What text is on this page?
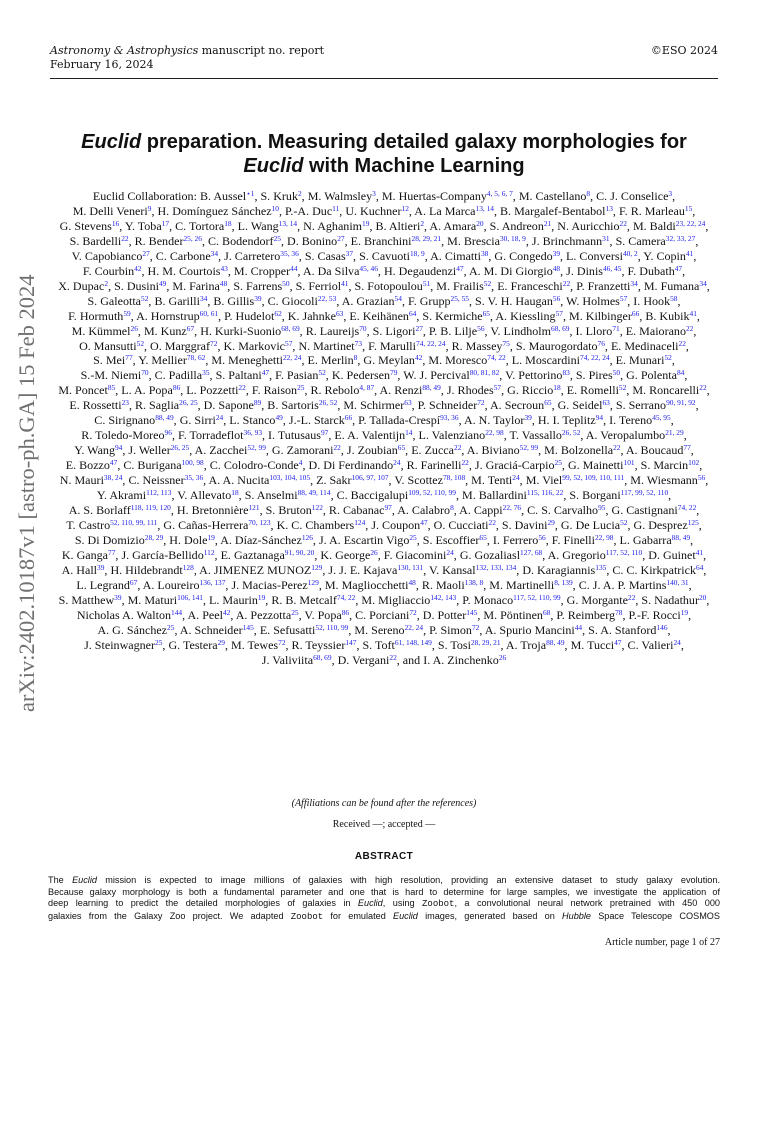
Astronomy & Astrophysics manuscript no. report	©ESO 2024
February 16, 2024
arXiv:2402.10187v1 [astro-ph.GA] 15 Feb 2024
Euclid preparation. Measuring detailed galaxy morphologies for
Euclid with Machine Learning
Euclid Collaboration: B. Aussel$^{⋆1}$, S. Kruk$^2$, M. Walmsley$^3$, M. Huertas-Company$^{4, 5, 6, 7}$, M. Castellano$^8$, C. J. Conselice$^3$, M. Delli Veneri$^9$, H. Domínguez Sánchez$^{10}$, P.-A. Duc$^{11}$, U. Kuchner$^{12}$, A. La Marca$^{13, 14}$, B. Margalef-Bentabol$^{13}$, F. R. Marleau$^{15}$, G. Stevens$^{16}$, Y. Toba$^{17}$, C. Tortora$^{18}$, L. Wang$^{13, 14}$, N. Aghanim$^{19}$, B. Altieri$^2$, A. Amara$^{20}$, S. Andreon$^{21}$, N. Auricchio$^{22}$, M. Baldi$^{23, 22, 24}$, S. Bardelli$^{22}$, R. Bender$^{25, 26}$, C. Bodendorf$^{25}$, D. Bonino$^{27}$, E. Branchini$^{28, 29, 21}$, M. Brescia$^{30, 18, 9}$, J. Brinchmann$^{31}$, S. Camera$^{32, 33, 27}$, V. Capobianco$^{27}$, C. Carbone$^{34}$, J. Carretero$^{35, 36}$, S. Casas$^{37}$, S. Cavuoti$^{18, 9}$, A. Cimatti$^{38}$, G. Congedo$^{39}$, L. Conversi$^{40, 2}$, Y. Copin$^{41}$, F. Courbin$^{42}$, H. M. Courtois$^{43}$, M. Cropper$^{44}$, A. Da Silva$^{45, 46}$, H. Degaudenzi$^{47}$, A. M. Di Giorgio$^{48}$, J. Dinis$^{46, 45}$, F. Dubath$^{47}$, X. Dupac$^2$, S. Dusini$^{49}$, M. Farina$^{48}$, S. Farrens$^{50}$, S. Ferriol$^{41}$, S. Fotopoulou$^{51}$, M. Frailis$^{52}$, E. Franceschi$^{22}$, P. Franzetti$^{34}$, M. Fumana$^{34}$, S. Galeotta$^{52}$, B. Garilli$^{34}$, B. Gillis$^{39}$, C. Giocoli$^{22, 53}$, A. Grazian$^{54}$, F. Grupp$^{25, 55}$, S. V. H. Haugan$^{56}$, W. Holmes$^{57}$, I. Hook$^{58}$, F. Hormuth$^{59}$, A. Hornstrup$^{60, 61}$, P. Hudelot$^{62}$, K. Jahnke$^{63}$, E. Keihänen$^{64}$, S. Kermiche$^{65}$, A. Kiessling$^{57}$, M. Kilbinger$^{66}$, B. Kubik$^{41}$, M. Kümmel$^{26}$, M. Kunz$^{67}$, H. Kurki-Suonio$^{68, 69}$, R. Laureijs$^{70}$, S. Ligori$^{27}$, P. B. Lilje$^{56}$, V. Lindholm$^{68, 69}$, I. Lloro$^{71}$, E. Maiorano$^{22}$, O. Mansutti$^{52}$, O. Marggraf$^{72}$, K. Markovic$^{57}$, N. Martinet$^{73}$, F. Marulli$^{74, 22, 24}$, R. Massey$^{75}$, S. Maurogordato$^{76}$, E. Medinaceli$^{22}$, S. Mei$^{77}$, Y. Mellier$^{78, 62}$, M. Meneghetti$^{22, 24}$, E. Merlin$^8$, G. Meylan$^{42}$, M. Moresco$^{74, 22}$, L. Moscardini$^{74, 22, 24}$, E. Munari$^{52}$, S.-M. Niemi$^{70}$, C. Padilla$^{35}$, S. Paltani$^{47}$, F. Pasian$^{52}$, K. Pedersen$^{79}$, W. J. Percival$^{80, 81, 82}$, V. Pettorino$^{83}$, S. Pires$^{50}$, G. Polenta$^{84}$, M. Poncet$^{85}$, L. A. Popa$^{86}$, L. Pozzetti$^{22}$, F. Raison$^{25}$, R. Rebolo$^{4, 87}$, A. Renzi$^{88, 49}$, J. Rhodes$^{57}$, G. Riccio$^{18}$, E. Romelli$^{52}$, M. Roncarelli$^{22}$, E. Rossetti$^{23}$, R. Saglia$^{26, 25}$, D. Sapone$^{89}$, B. Sartoris$^{26, 52}$, M. Schirmer$^{63}$, P. Schneider$^{72}$, A. Secroun$^{65}$, G. Seidel$^{63}$, S. Serrano$^{90, 91, 92}$, C. Sirignano$^{88, 49}$, G. Sirri$^{24}$, L. Stanco$^{49}$, J.-L. Starck$^{66}$, P. Tallada-Crespí$^{93, 36}$, A. N. Taylor$^{39}$, H. I. Teplitz$^{94}$, I. Tereno$^{45, 95}$, R. Toledo-Moreo$^{96}$, F. Torradeflot$^{36, 93}$, I. Tutusaus$^{97}$, E. A. Valentijn$^{14}$, L. Valenziano$^{22, 98}$, T. Vassallo$^{26, 52}$, A. Veropalumbo$^{21, 29}$, Y. Wang$^{94}$, J. Weller$^{26, 25}$, A. Zacchei$^{52, 99}$, G. Zamorani$^{22}$, J. Zoubian$^{65}$, E. Zucca$^{22}$, A. Biviano$^{52, 99}$, M. Bolzonella$^{22}$, A. Boucaud$^{77}$, E. Bozzo$^{47}$, C. Burigana$^{100, 98}$, C. Colodro-Conde$^4$, D. Di Ferdinando$^{24}$, R. Farinelli$^{22}$, J. Graciá-Carpio$^{25}$, G. Mainetti$^{101}$, S. Marcin$^{102}$, N. Mauri$^{38, 24}$, C. Neissner$^{35, 36}$, A. A. Nucita$^{103, 104, 105}$, Z. Sakr$^{106, 97, 107}$, V. Scottez$^{78, 108}$, M. Tenti$^{24}$, M. Viel$^{99, 52, 109, 110, 111}$, M. Wiesmann$^{56}$, Y. Akrami$^{112, 113}$, V. Allevato$^{18}$, S. Anselmi$^{88, 49, 114}$, C. Baccigalupi$^{109, 52, 110, 99}$, M. Ballardini$^{115, 116, 22}$, S. Borgani$^{117, 99, 52, 110}$, A. S. Borlaff$^{118, 119, 120}$, H. Bretonnière$^{121}$, S. Bruton$^{122}$, R. Cabanac$^{97}$, A. Calabro$^8$, A. Cappi$^{22, 76}$, C. S. Carvalho$^{95}$, G. Castignani$^{74, 22}$, T. Castro$^{52, 110, 99, 111}$, G. Cañas-Herrera$^{70, 123}$, K. C. Chambers$^{124}$, J. Coupon$^{47}$, O. Cucciati$^{22}$, S. Davini$^{29}$, G. De Lucia$^{52}$, G. Desprez$^{125}$, S. Di Domizio$^{28, 29}$, H. Dole$^{19}$, A. Díaz-Sánchez$^{126}$, J. A. Escartin Vigo$^{25}$, S. Escoffier$^{65}$, I. Ferrero$^{56}$, F. Finelli$^{22, 98}$, L. Gabarra$^{88, 49}$, K. Ganga$^{77}$, J. García-Bellido$^{112}$, E. Gaztanaga$^{91, 90, 20}$, K. George$^{26}$, F. Giacomini$^{24}$, G. Gozaliasl$^{127, 68}$, A. Gregorio$^{117, 52, 110}$, D. Guinet$^{41}$, A. Hall$^{39}$, H. Hildebrandt$^{128}$, A. JIMENEZ MUNOZ$^{129}$, J. J. E. Kajava$^{130, 131}$, V. Kansal$^{132, 133, 134}$, D. Karagiannis$^{135}$, C. C. Kirkpatrick$^{64}$, L. Legrand$^{67}$, A. Loureiro$^{136, 137}$, J. Macias-Perez$^{129}$, M. Magliocchetti$^{48}$, R. Maoli$^{138, 8}$, M. Martinelli$^{8, 139}$, C. J. A. P. Martins$^{140, 31}$, S. Matthew$^{39}$, M. Maturi$^{106, 141}$, L. Maurin$^{19}$, R. B. Metcalf$^{74, 22}$, M. Migliaccio$^{142, 143}$, P. Monaco$^{117, 52, 110, 99}$, G. Morgante$^{22}$, S. Nadathur$^{20}$, Nicholas A. Walton$^{144}$, A. Peel$^{42}$, A. Pezzotta$^{25}$, V. Popa$^{86}$, C. Porciani$^{72}$, D. Potter$^{145}$, M. Pöntinen$^{68}$, P. Reimberg$^{78}$, P.-F. Rocci$^{19}$, A. G. Sánchez$^{25}$, A. Schneider$^{145}$, E. Sefusatti$^{52, 110, 99}$, M. Sereno$^{22, 24}$, P. Simon$^{72}$, A. Spurio Mancini$^{44}$, S. A. Stanford$^{146}$, J. Steinwagner$^{25}$, G. Testera$^{29}$, M. Tewes$^{72}$, R. Teyssier$^{147}$, S. Toft$^{61, 148, 149}$, S. Tosi$^{28, 29, 21}$, A. Troja$^{88, 49}$, M. Tucci$^{47}$, C. Valieri$^{24}$, J. Valiviita$^{68, 69}$, D. Vergani$^{22}$, and I. A. Zinchenko$^{26}$
(Affiliations can be found after the references)
Received —; accepted —
ABSTRACT
The Euclid mission is expected to image millions of galaxies with high resolution, providing an extensive dataset to study galaxy evolution.
Because galaxy morphology is both a fundamental parameter and one that is hard to determine for large samples, we investigate the application of
deep learning to predict the detailed morphologies of galaxies in Euclid, using Zoobot, a convolutional neural network pretrained with 450 000
galaxies from the Galaxy Zoo project. We adapted Zoobot for emulated Euclid images, generated based on Hubble Space Telescope COSMOS
Article number, page 1 of 27
